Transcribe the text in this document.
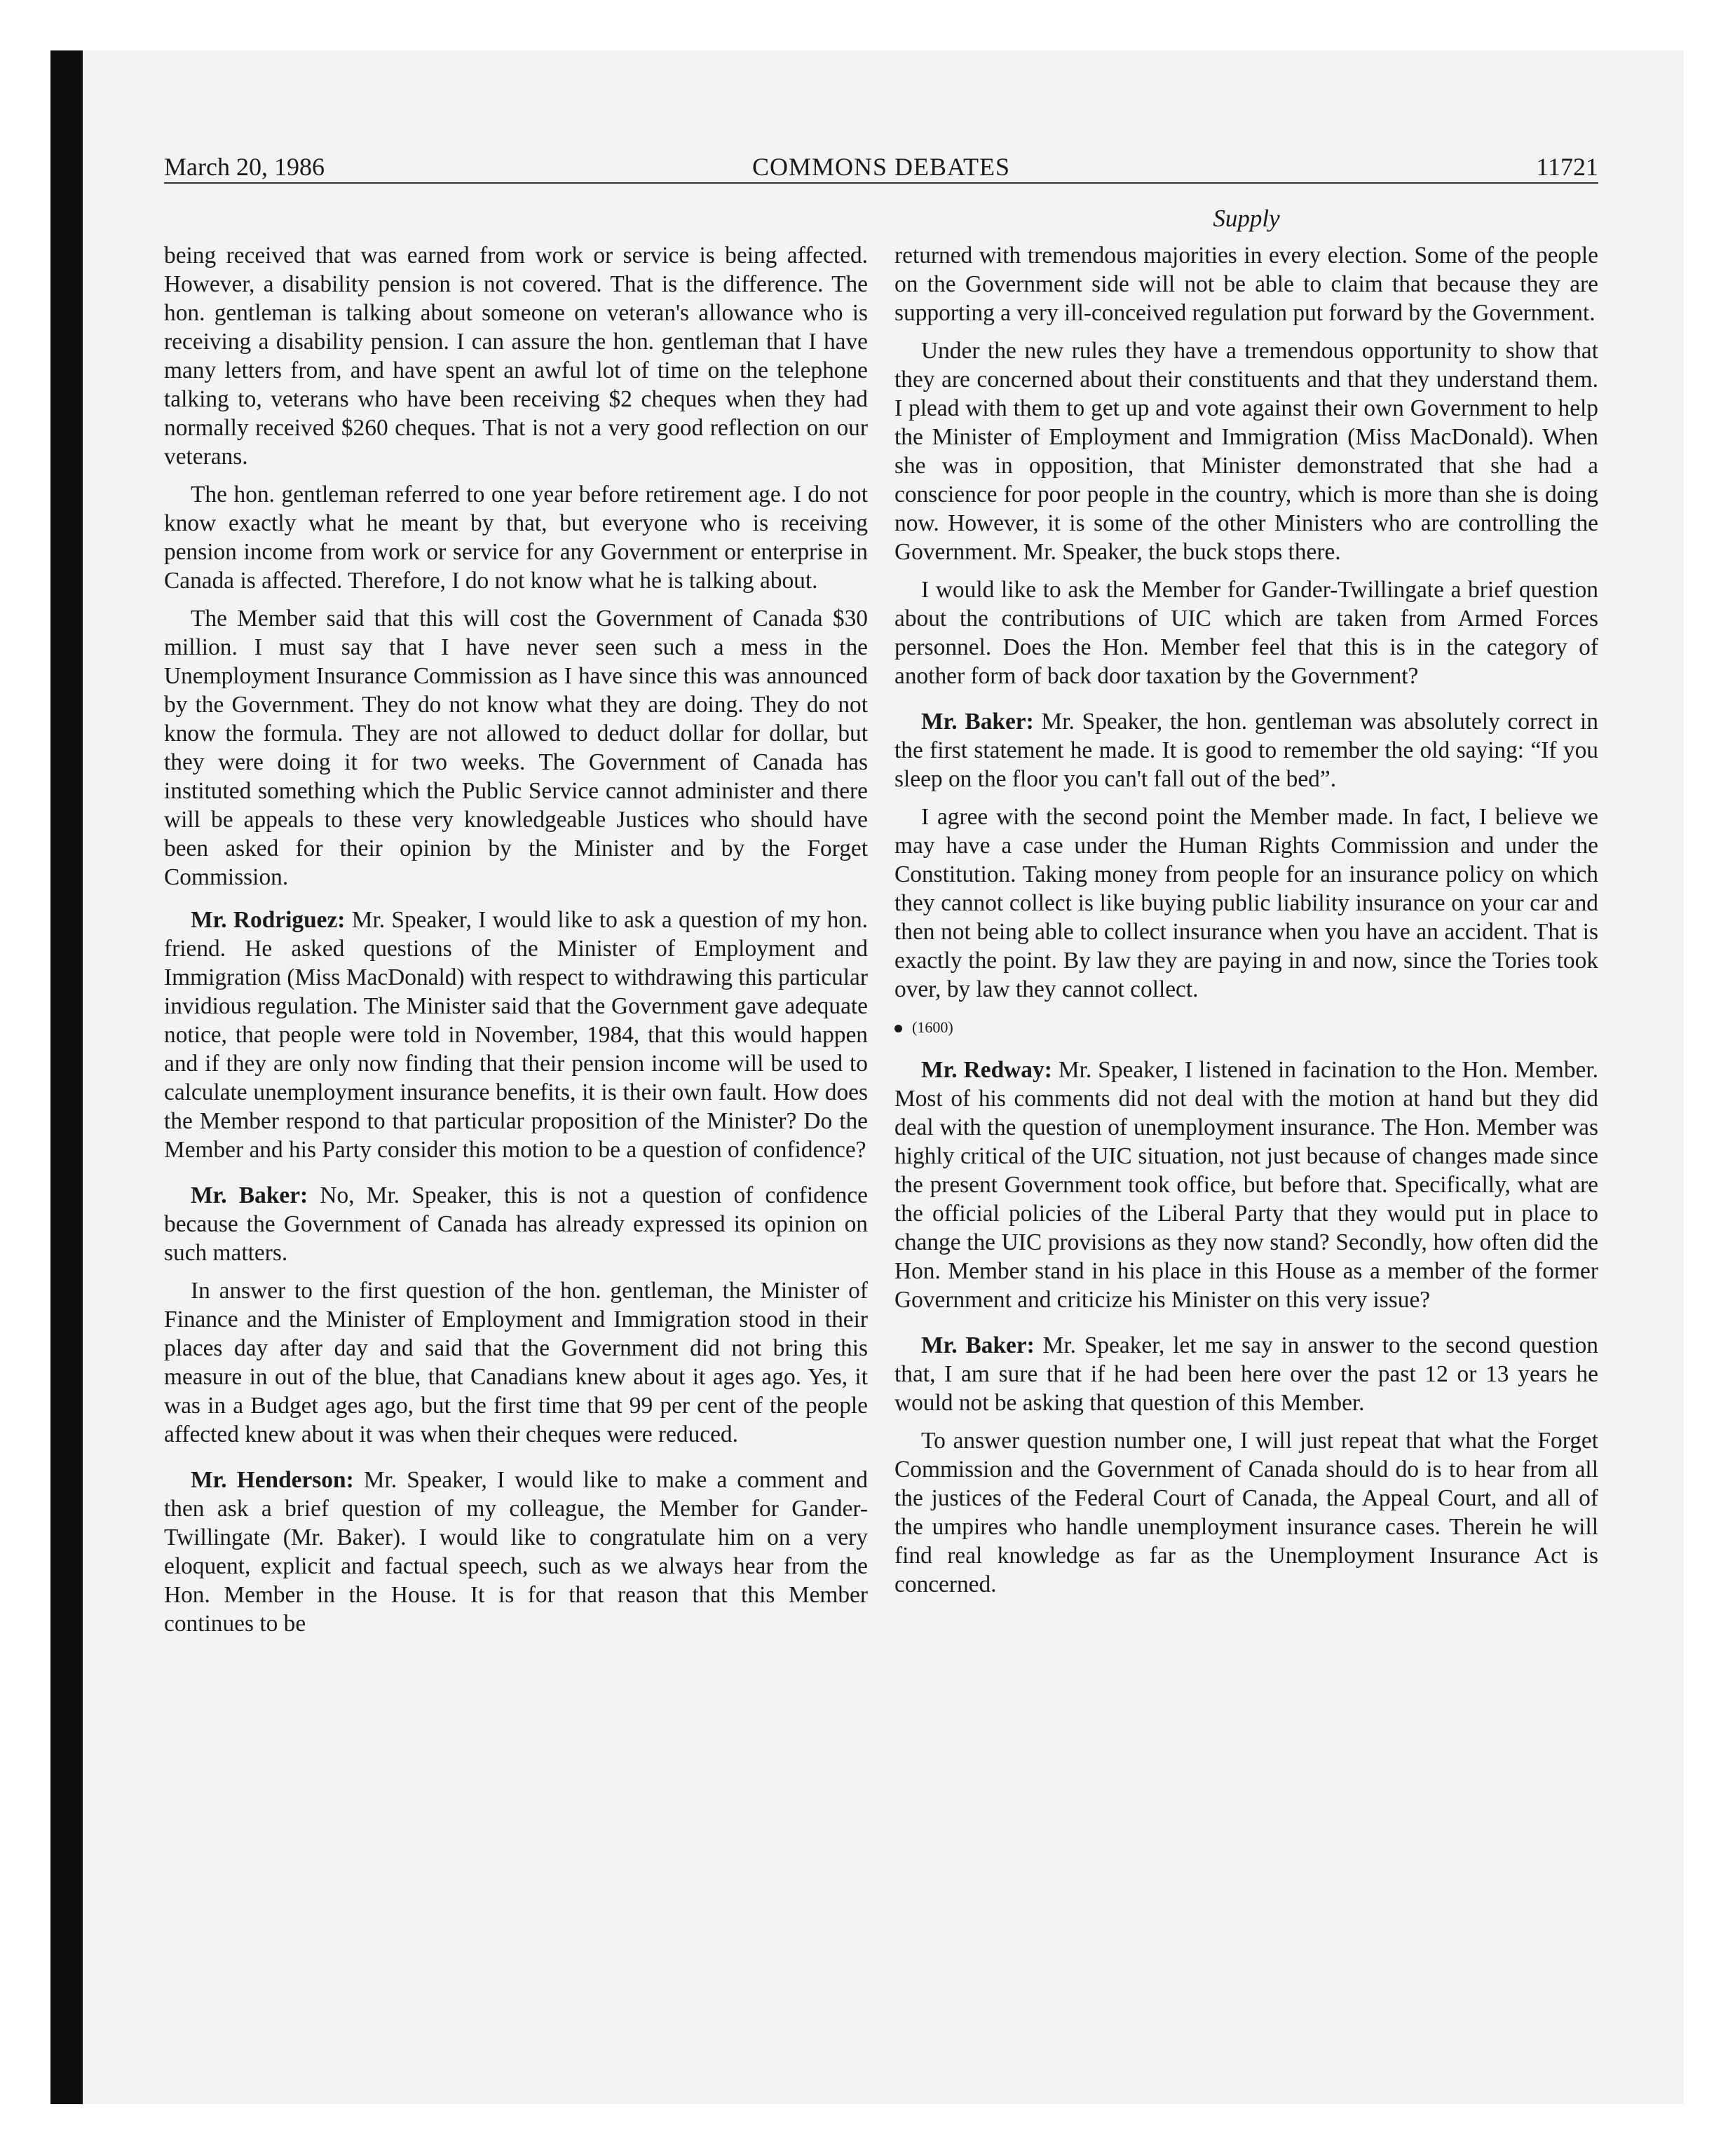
March 20, 1986	COMMONS DEBATES	11721
Supply

being received that was earned from work or service is being affected. However, a disability pension is not covered. That is the difference. The hon. gentleman is talking about someone on veteran's allowance who is receiving a disability pension. I can assure the hon. gentleman that I have many letters from, and have spent an awful lot of time on the telephone talking to, veterans who have been receiving $2 cheques when they had normally received $260 cheques. That is not a very good reflection on our veterans.

The hon. gentleman referred to one year before retirement age. I do not know exactly what he meant by that, but everyone who is receiving pension income from work or service for any Government or enterprise in Canada is affected. Therefore, I do not know what he is talking about.

The Member said that this will cost the Government of Canada $30 million. I must say that I have never seen such a mess in the Unemployment Insurance Commission as I have since this was announced by the Government. They do not know what they are doing. They do not know the formula. They are not allowed to deduct dollar for dollar, but they were doing it for two weeks. The Government of Canada has instituted something which the Public Service cannot administer and there will be appeals to these very knowledgeable Justices who should have been asked for their opinion by the Minister and by the Forget Commission.

Mr. Rodriguez: Mr. Speaker, I would like to ask a question of my hon. friend. He asked questions of the Minister of Employment and Immigration (Miss MacDonald) with respect to withdrawing this particular invidious regulation. The Minister said that the Government gave adequate notice, that people were told in November, 1984, that this would happen and if they are only now finding that their pension income will be used to calculate unemployment insurance benefits, it is their own fault. How does the Member respond to that particular proposition of the Minister? Do the Member and his Party consider this motion to be a question of confidence?

Mr. Baker: No, Mr. Speaker, this is not a question of confidence because the Government of Canada has already expressed its opinion on such matters.

In answer to the first question of the hon. gentleman, the Minister of Finance and the Minister of Employment and Immigration stood in their places day after day and said that the Government did not bring this measure in out of the blue, that Canadians knew about it ages ago. Yes, it was in a Budget ages ago, but the first time that 99 per cent of the people affected knew about it was when their cheques were reduced.

Mr. Henderson: Mr. Speaker, I would like to make a comment and then ask a brief question of my colleague, the Member for Gander-Twillingate (Mr. Baker). I would like to congratulate him on a very eloquent, explicit and factual speech, such as we always hear from the Hon. Member in the House. It is for that reason that this Member continues to be

returned with tremendous majorities in every election. Some of the people on the Government side will not be able to claim that because they are supporting a very ill-conceived regulation put forward by the Government.

Under the new rules they have a tremendous opportunity to show that they are concerned about their constituents and that they understand them. I plead with them to get up and vote against their own Government to help the Minister of Employment and Immigration (Miss MacDonald). When she was in opposition, that Minister demonstrated that she had a conscience for poor people in the country, which is more than she is doing now. However, it is some of the other Ministers who are controlling the Government. Mr. Speaker, the buck stops there.

I would like to ask the Member for Gander-Twillingate a brief question about the contributions of UIC which are taken from Armed Forces personnel. Does the Hon. Member feel that this is in the category of another form of back door taxation by the Government?

Mr. Baker: Mr. Speaker, the hon. gentleman was absolutely correct in the first statement he made. It is good to remember the old saying: “If you sleep on the floor you can't fall out of the bed”.

I agree with the second point the Member made. In fact, I believe we may have a case under the Human Rights Commission and under the Constitution. Taking money from people for an insurance policy on which they cannot collect is like buying public liability insurance on your car and then not being able to collect insurance when you have an accident. That is exactly the point. By law they are paying in and now, since the Tories took over, by law they cannot collect.

(1600)

Mr. Redway: Mr. Speaker, I listened in facination to the Hon. Member. Most of his comments did not deal with the motion at hand but they did deal with the question of unemployment insurance. The Hon. Member was highly critical of the UIC situation, not just because of changes made since the present Government took office, but before that. Specifically, what are the official policies of the Liberal Party that they would put in place to change the UIC provisions as they now stand? Secondly, how often did the Hon. Member stand in his place in this House as a member of the former Government and criticize his Minister on this very issue?

Mr. Baker: Mr. Speaker, let me say in answer to the second question that, I am sure that if he had been here over the past 12 or 13 years he would not be asking that question of this Member.

To answer question number one, I will just repeat that what the Forget Commission and the Government of Canada should do is to hear from all the justices of the Federal Court of Canada, the Appeal Court, and all of the umpires who handle unemployment insurance cases. Therein he will find real knowledge as far as the Unemployment Insurance Act is concerned.
